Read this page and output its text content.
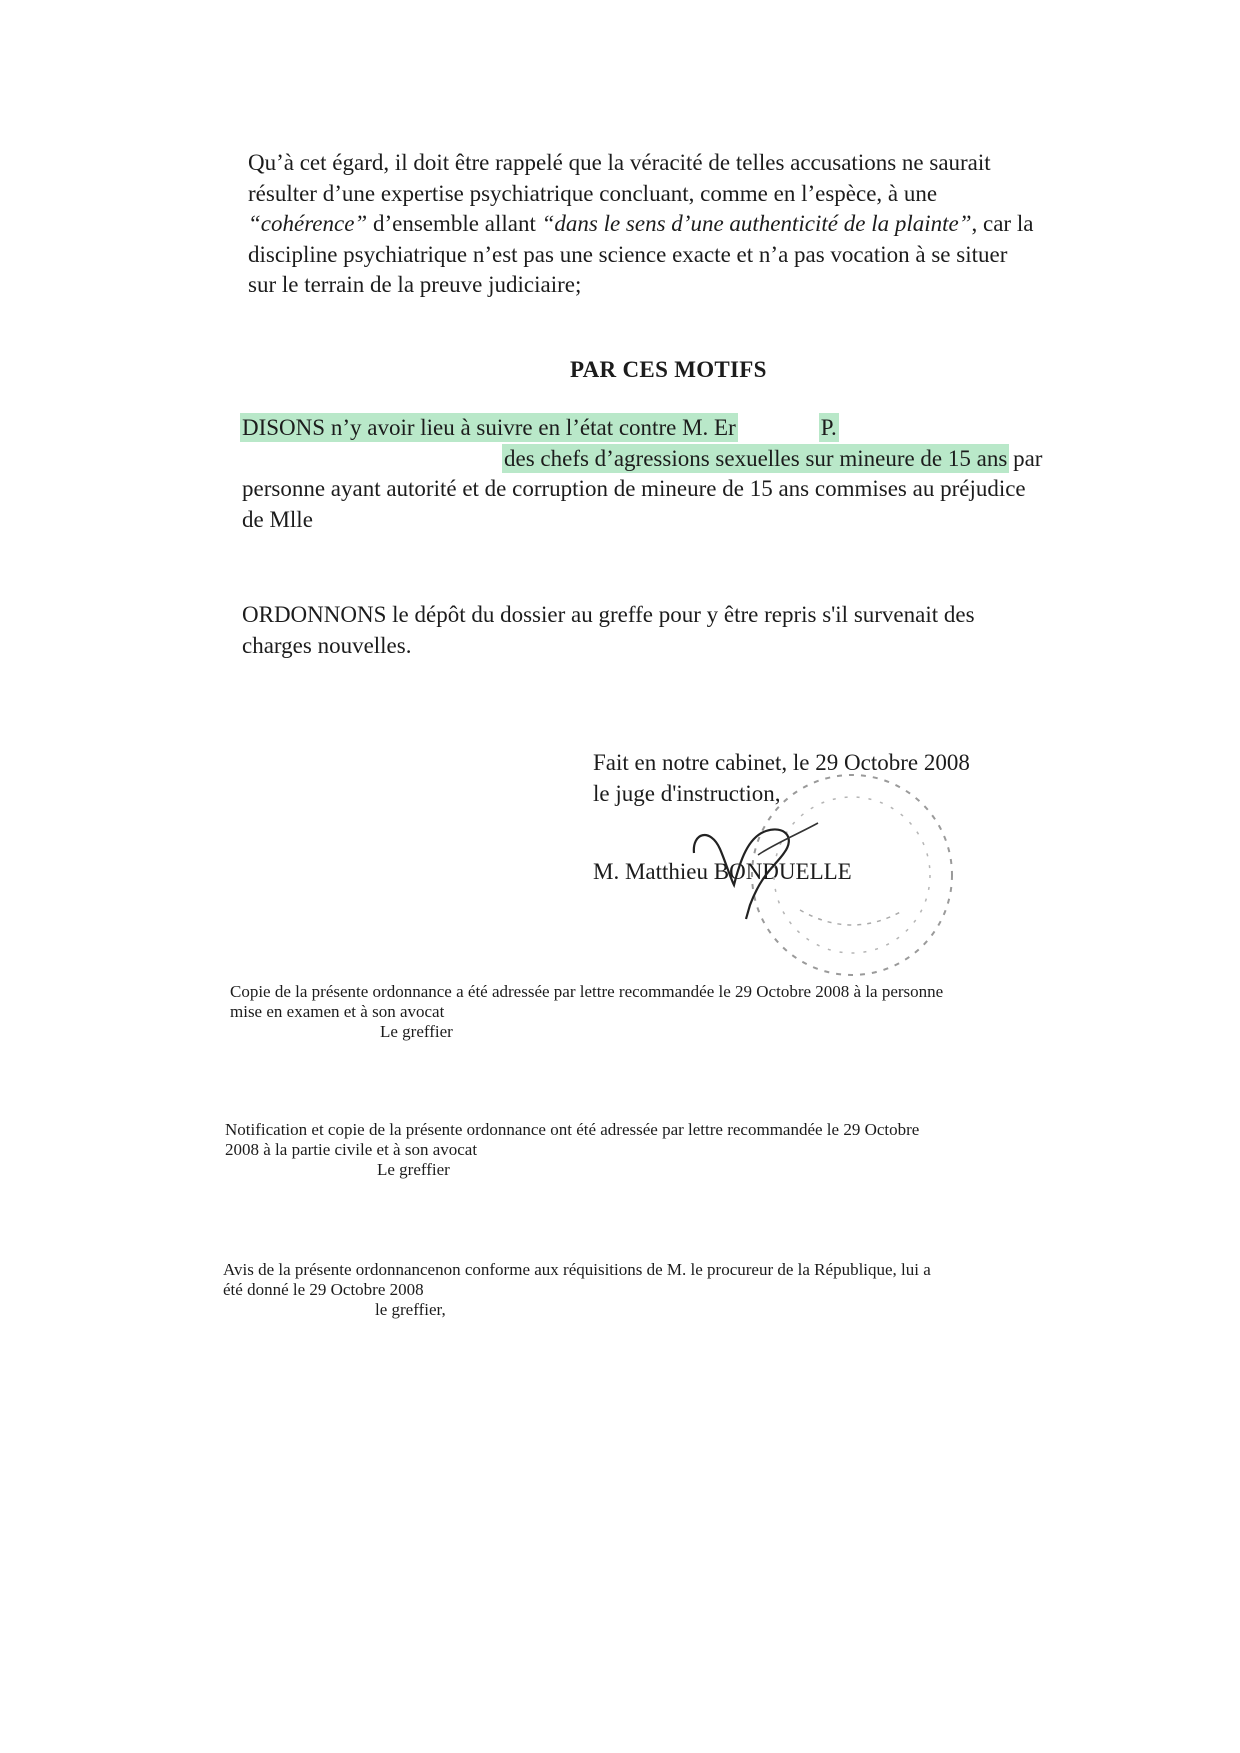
Qu’à cet égard, il doit être rappelé que la véracité de telles accusations ne saurait
résulter d’une expertise psychiatrique concluant, comme en l’espèce, à une
“cohérence” d’ensemble allant “dans le sens d’une authenticité de la plainte”, car la
discipline psychiatrique n’est pas une science exacte et n’a pas vocation à se situer
sur le terrain de la preuve judiciaire;
PAR CES MOTIFS
DISONS n’y avoir lieu à suivre en l’état contre M. Er	P.
des chefs d’agressions sexuelles sur mineure de 15 ans par
personne ayant autorité et de corruption de mineure de 15 ans commises au préjudice
de Mlle
ORDONNONS le dépôt du dossier au greffe pour y être repris s'il survenait des
charges nouvelles.
Fait en notre cabinet, le 29 Octobre 2008
le juge d'instruction,
M. Matthieu BONDUELLE
Copie de la présente ordonnance a été adressée par lettre recommandée le 29 Octobre 2008 à la personne
mise en examen et à son avocat
Le greffier
Notification et copie de la présente ordonnance ont été adressée par lettre recommandée le 29 Octobre
2008 à la partie civile et à son avocat
Le greffier
Avis de la présente ordonnancenon conforme aux réquisitions de M. le procureur de la République, lui a
été donné le 29 Octobre 2008
le greffier,
